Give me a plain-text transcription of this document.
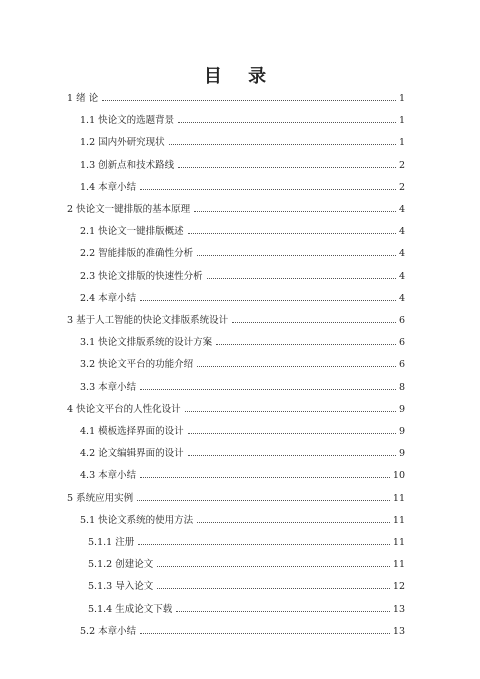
目 录
1 绪 论	1
1.1 快论文的选题背景	1
1.2 国内外研究现状	1
1.3 创新点和技术路线	2
1.4 本章小结	2
2 快论文一键排版的基本原理	4
2.1 快论文一键排版概述	4
2.2 智能排版的准确性分析	4
2.3 快论文排版的快速性分析	4
2.4 本章小结	4
3 基于人工智能的快论文排版系统设计	6
3.1 快论文排版系统的设计方案	6
3.2 快论文平台的功能介绍	6
3.3 本章小结	8
4 快论文平台的人性化设计	9
4.1 模板选择界面的设计	9
4.2 论文编辑界面的设计	9
4.3 本章小结	10
5 系统应用实例	11
5.1 快论文系统的使用方法	11
5.1.1 注册	11
5.1.2 创建论文	11
5.1.3 导入论文	12
5.1.4 生成论文下载	13
5.2 本章小结	13
